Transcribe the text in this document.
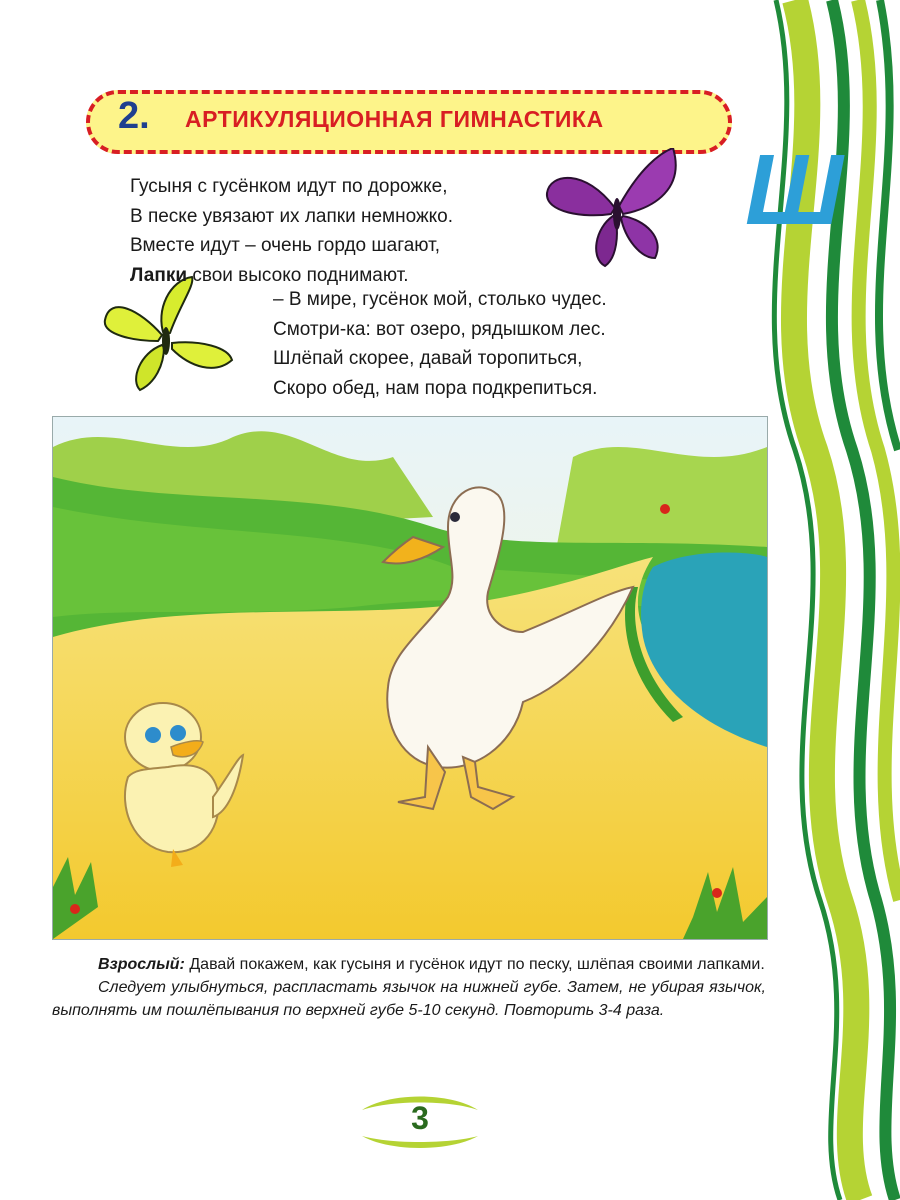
2. АРТИКУЛЯЦИОННАЯ ГИМНАСТИКА
Ш
Гусыня с гусёнком идут по дорожке,
В песке увязают их лапки немножко.
Вместе идут – очень гордо шагают,
Лапки свои высоко поднимают.
– В мире, гусёнок мой, столько чудес.
Смотри-ка: вот озеро, рядышком лес.
Шлёпай скорее, давай торопиться,
Скоро обед, нам пора подкрепиться.

Взрослый: Давай покажем, как гусыня и гусёнок идут по песку, шлёпая своими лапками.

Следует улыбнуться, распластать язычок на нижней губе. Затем, не убирая язычок, выполнять им пошлёпывания по верхней губе 5-10 секунд. Повторить 3-4 раза.

3
